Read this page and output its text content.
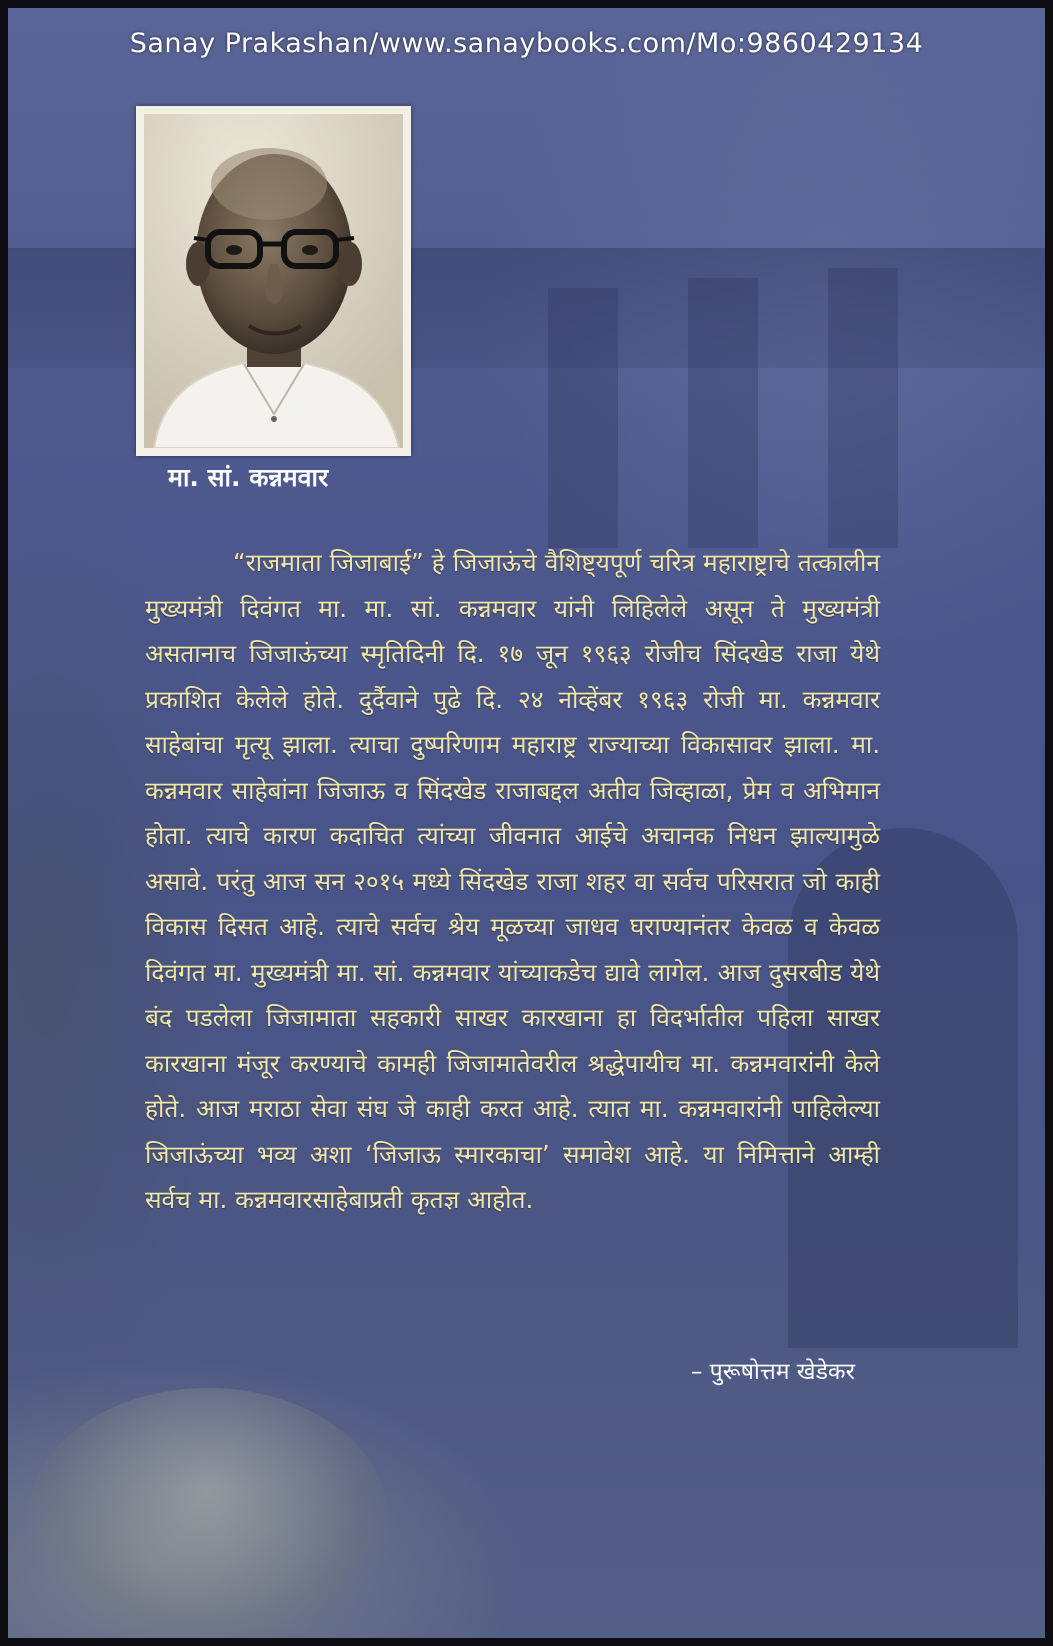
Sanay Prakashan/www.sanaybooks.com/Mo:9860429134
मा. सां. कन्नमवार
“राजमाता जिजाबाई” हे जिजाऊंचे वैशिष्ट्यपूर्ण चरित्र महाराष्ट्राचे तत्कालीन मुख्यमंत्री दिवंगत मा. मा. सां. कन्नमवार यांनी लिहिलेले असून ते मुख्यमंत्री असतानाच जिजाऊंच्या स्मृतिदिनी दि. १७ जून १९६३ रोजीच सिंदखेड राजा येथे प्रकाशित केलेले होते. दुर्दैवाने पुढे दि. २४ नोव्हेंबर १९६३ रोजी मा. कन्नमवार साहेबांचा मृत्यू झाला. त्याचा दुष्परिणाम महाराष्ट्र राज्याच्या विकासावर झाला. मा. कन्नमवार साहेबांना जिजाऊ व सिंदखेड राजाबद्दल अतीव जिव्हाळा, प्रेम व अभिमान होता. त्याचे कारण कदाचित त्यांच्या जीवनात आईचे अचानक निधन झाल्यामुळे असावे. परंतु आज सन २०१५ मध्ये सिंदखेड राजा शहर वा सर्वच परिसरात जो काही विकास दिसत आहे. त्याचे सर्वच श्रेय मूळच्या जाधव घराण्यानंतर केवळ व केवळ दिवंगत मा. मुख्यमंत्री मा. सां. कन्नमवार यांच्याकडेच द्यावे लागेल. आज दुसरबीड येथे बंद पडलेला जिजामाता सहकारी साखर कारखाना हा विदर्भातील पहिला साखर कारखाना मंजूर करण्याचे कामही जिजामातेवरील श्रद्धेपायीच मा. कन्नमवारांनी केले होते. आज मराठा सेवा संघ जे काही करत आहे. त्यात मा. कन्नमवारांनी पाहिलेल्या जिजाऊंच्या भव्य अशा ‘जिजाऊ स्मारकाचा’ समावेश आहे. या निमित्ताने आम्ही सर्वच मा. कन्नमवारसाहेबाप्रती कृतज्ञ आहोत.
– पुरूषोत्तम खेडेकर
